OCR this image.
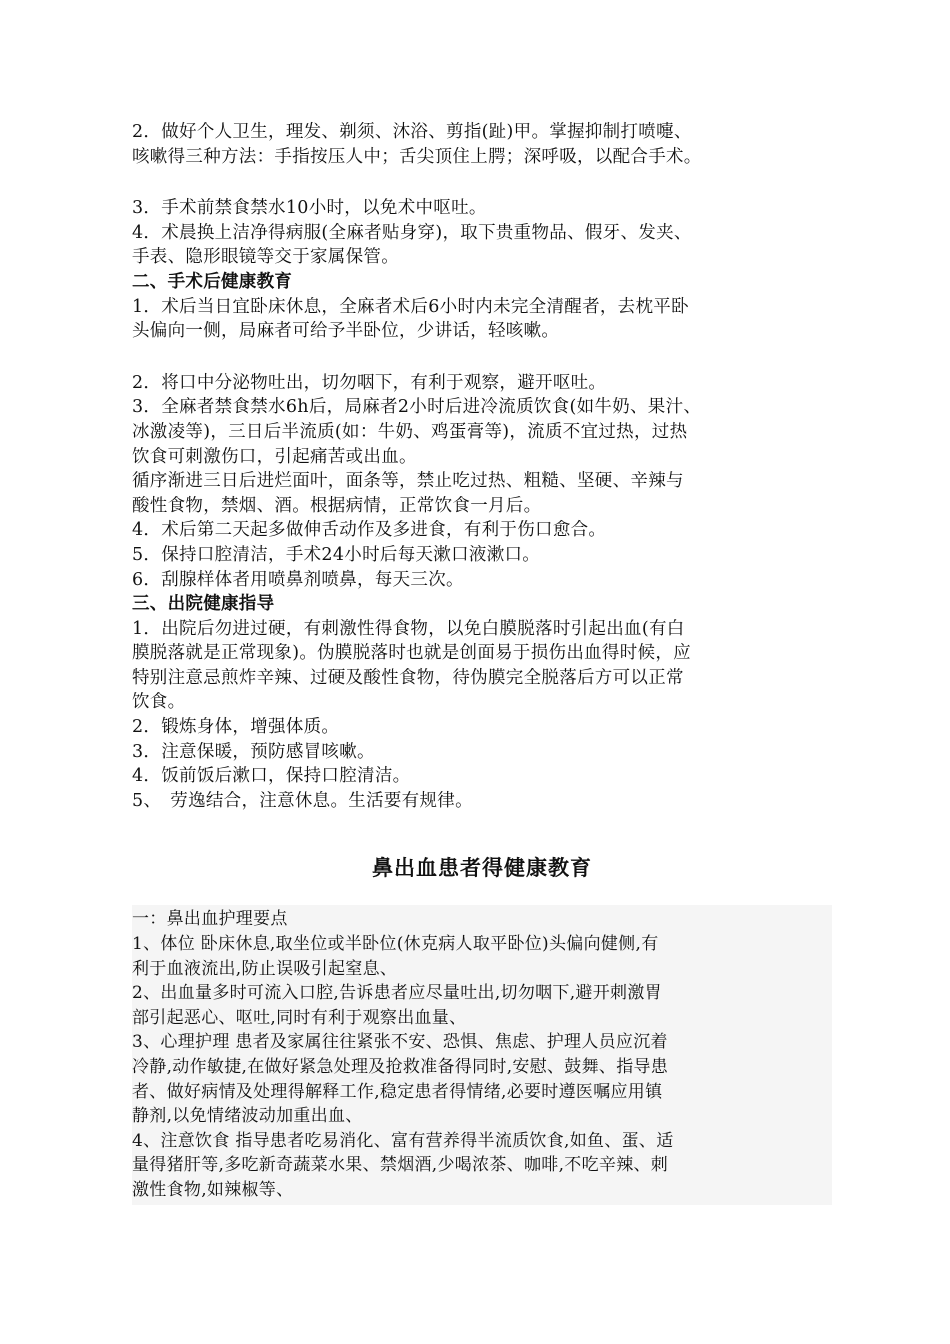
2．做好个人卫生，理发、剃须、沐浴、剪指(趾)甲。掌握抑制打喷嚏、
咳嗽得三种方法：手指按压人中；舌尖顶住上腭；深呼吸，以配合手术。
3．手术前禁食禁水10小时，以免术中呕吐。
4．术晨换上洁净得病服(全麻者贴身穿)，取下贵重物品、假牙、发夹、
手表、隐形眼镜等交于家属保管。
二、手术后健康教育
1．术后当日宜卧床休息，全麻者术后6小时内未完全清醒者，去枕平卧
头偏向一侧，局麻者可给予半卧位，少讲话，轻咳嗽。
2．将口中分泌物吐出，切勿咽下，有利于观察，避开呕吐。
3．全麻者禁食禁水6h后，局麻者2小时后进冷流质饮食(如牛奶、果汁、
冰激凌等)，三日后半流质(如：牛奶、鸡蛋膏等)，流质不宜过热，过热
饮食可刺激伤口，引起痛苦或出血。
循序渐进三日后进烂面叶，面条等，禁止吃过热、粗糙、坚硬、辛辣与
酸性食物，禁烟、酒。根据病情，正常饮食一月后。
4．术后第二天起多做伸舌动作及多进食，有利于伤口愈合。
5．保持口腔清洁，手术24小时后每天漱口液漱口。
6．刮腺样体者用喷鼻剂喷鼻，每天三次。
三、出院健康指导
1．出院后勿进过硬，有刺激性得食物，以免白膜脱落时引起出血(有白
膜脱落就是正常现象)。伪膜脱落时也就是创面易于损伤出血得时候，应
特别注意忌煎炸辛辣、过硬及酸性食物，待伪膜完全脱落后方可以正常
饮食。
2．锻炼身体，增强体质。
3．注意保暖，预防感冒咳嗽。
4．饭前饭后漱口，保持口腔清洁。
5、　劳逸结合，注意休息。生活要有规律。
鼻出血患者得健康教育
一：鼻出血护理要点
1、体位 卧床休息,取坐位或半卧位(休克病人取平卧位)头偏向健侧,有
利于血液流出,防止误吸引起窒息、
2、出血量多时可流入口腔,告诉患者应尽量吐出,切勿咽下,避开刺激胃
部引起恶心、呕吐,同时有利于观察出血量、
3、心理护理 患者及家属往往紧张不安、恐惧、焦虑、护理人员应沉着
冷静,动作敏捷,在做好紧急处理及抢救准备得同时,安慰、鼓舞、指导患
者、做好病情及处理得解释工作,稳定患者得情绪,必要时遵医嘱应用镇
静剂,以免情绪波动加重出血、
4、注意饮食 指导患者吃易消化、富有营养得半流质饮食,如鱼、蛋、适
量得猪肝等,多吃新奇蔬菜水果、禁烟酒,少喝浓茶、咖啡,不吃辛辣、刺
激性食物,如辣椒等、
